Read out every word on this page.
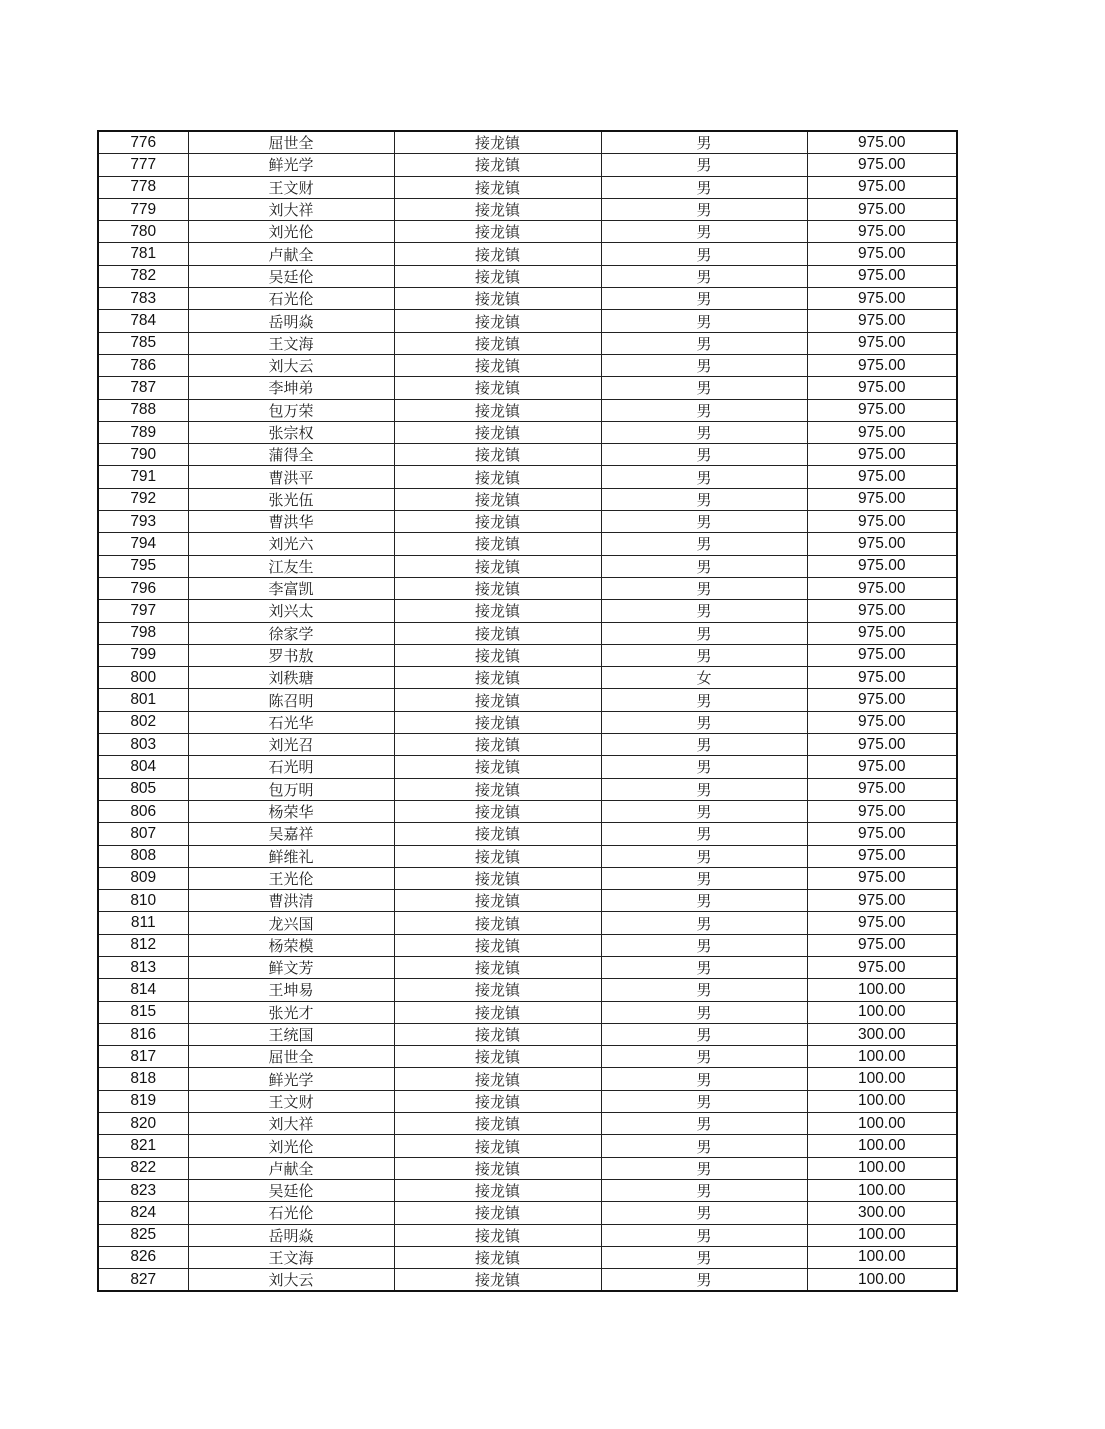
776	屈世全	接龙镇	男	975.00
777	鲜光学	接龙镇	男	975.00
778	王文财	接龙镇	男	975.00
779	刘大祥	接龙镇	男	975.00
780	刘光伦	接龙镇	男	975.00
781	卢献全	接龙镇	男	975.00
782	吴廷伦	接龙镇	男	975.00
783	石光伦	接龙镇	男	975.00
784	岳明焱	接龙镇	男	975.00
785	王文海	接龙镇	男	975.00
786	刘大云	接龙镇	男	975.00
787	李坤弟	接龙镇	男	975.00
788	包万荣	接龙镇	男	975.00
789	张宗权	接龙镇	男	975.00
790	蒲得全	接龙镇	男	975.00
791	曹洪平	接龙镇	男	975.00
792	张光伍	接龙镇	男	975.00
793	曹洪华	接龙镇	男	975.00
794	刘光六	接龙镇	男	975.00
795	江友生	接龙镇	男	975.00
796	李富凯	接龙镇	男	975.00
797	刘兴太	接龙镇	男	975.00
798	徐家学	接龙镇	男	975.00
799	罗书敖	接龙镇	男	975.00
800	刘秩瑭	接龙镇	女	975.00
801	陈召明	接龙镇	男	975.00
802	石光华	接龙镇	男	975.00
803	刘光召	接龙镇	男	975.00
804	石光明	接龙镇	男	975.00
805	包万明	接龙镇	男	975.00
806	杨荣华	接龙镇	男	975.00
807	吴嘉祥	接龙镇	男	975.00
808	鲜维礼	接龙镇	男	975.00
809	王光伦	接龙镇	男	975.00
810	曹洪清	接龙镇	男	975.00
811	龙兴国	接龙镇	男	975.00
812	杨荣模	接龙镇	男	975.00
813	鲜文芳	接龙镇	男	975.00
814	王坤易	接龙镇	男	100.00
815	张光才	接龙镇	男	100.00
816	王统国	接龙镇	男	300.00
817	屈世全	接龙镇	男	100.00
818	鲜光学	接龙镇	男	100.00
819	王文财	接龙镇	男	100.00
820	刘大祥	接龙镇	男	100.00
821	刘光伦	接龙镇	男	100.00
822	卢献全	接龙镇	男	100.00
823	吴廷伦	接龙镇	男	100.00
824	石光伦	接龙镇	男	300.00
825	岳明焱	接龙镇	男	100.00
826	王文海	接龙镇	男	100.00
827	刘大云	接龙镇	男	100.00
